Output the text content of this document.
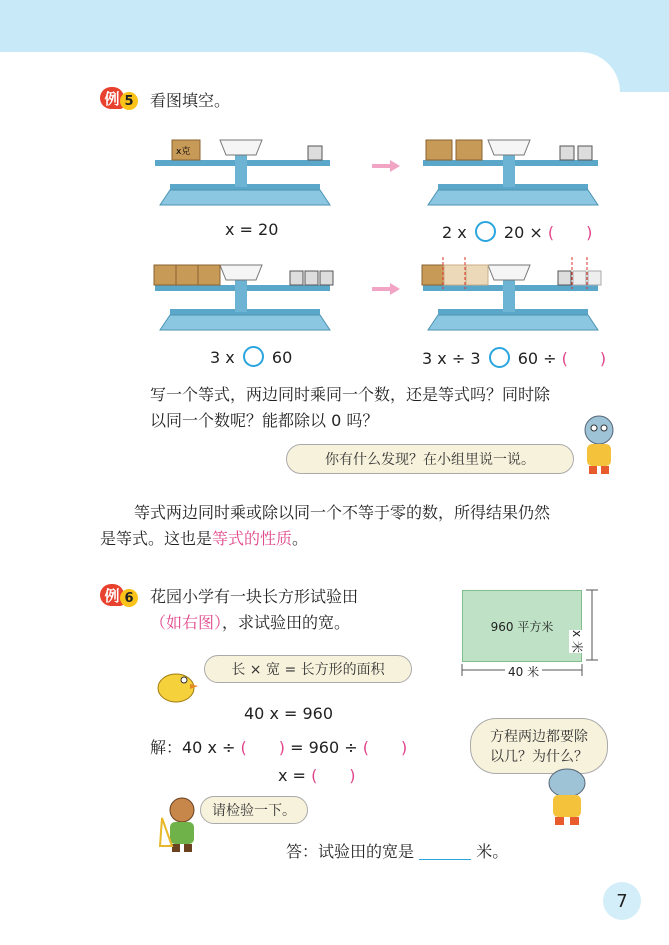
例 5 看图填空。
x克
x = 20	2 x 20 × (　　)
3 x 60	3 x ÷ 3 60 ÷ (　　)
写一个等式，两边同时乘同一个数，还是等式吗？同时除
以同一个数呢？能都除以 0 吗？
你有什么发现？在小组里说一说。
等式两边同时乘或除以同一个不等于零的数，所得结果仍然
是等式。这也是等式的性质。
例 6 花园小学有一块长方形试验田
（如右图），求试验田的宽。	960 平方米
40 米
x 米
长 × 宽 = 长方形的面积
40 x = 960
解：40 x ÷ (　　) = 960 ÷ (　　)
x = (　　)
方程两边都要除
以几？为什么？
请检验一下。
答：试验田的宽是	米。
7
